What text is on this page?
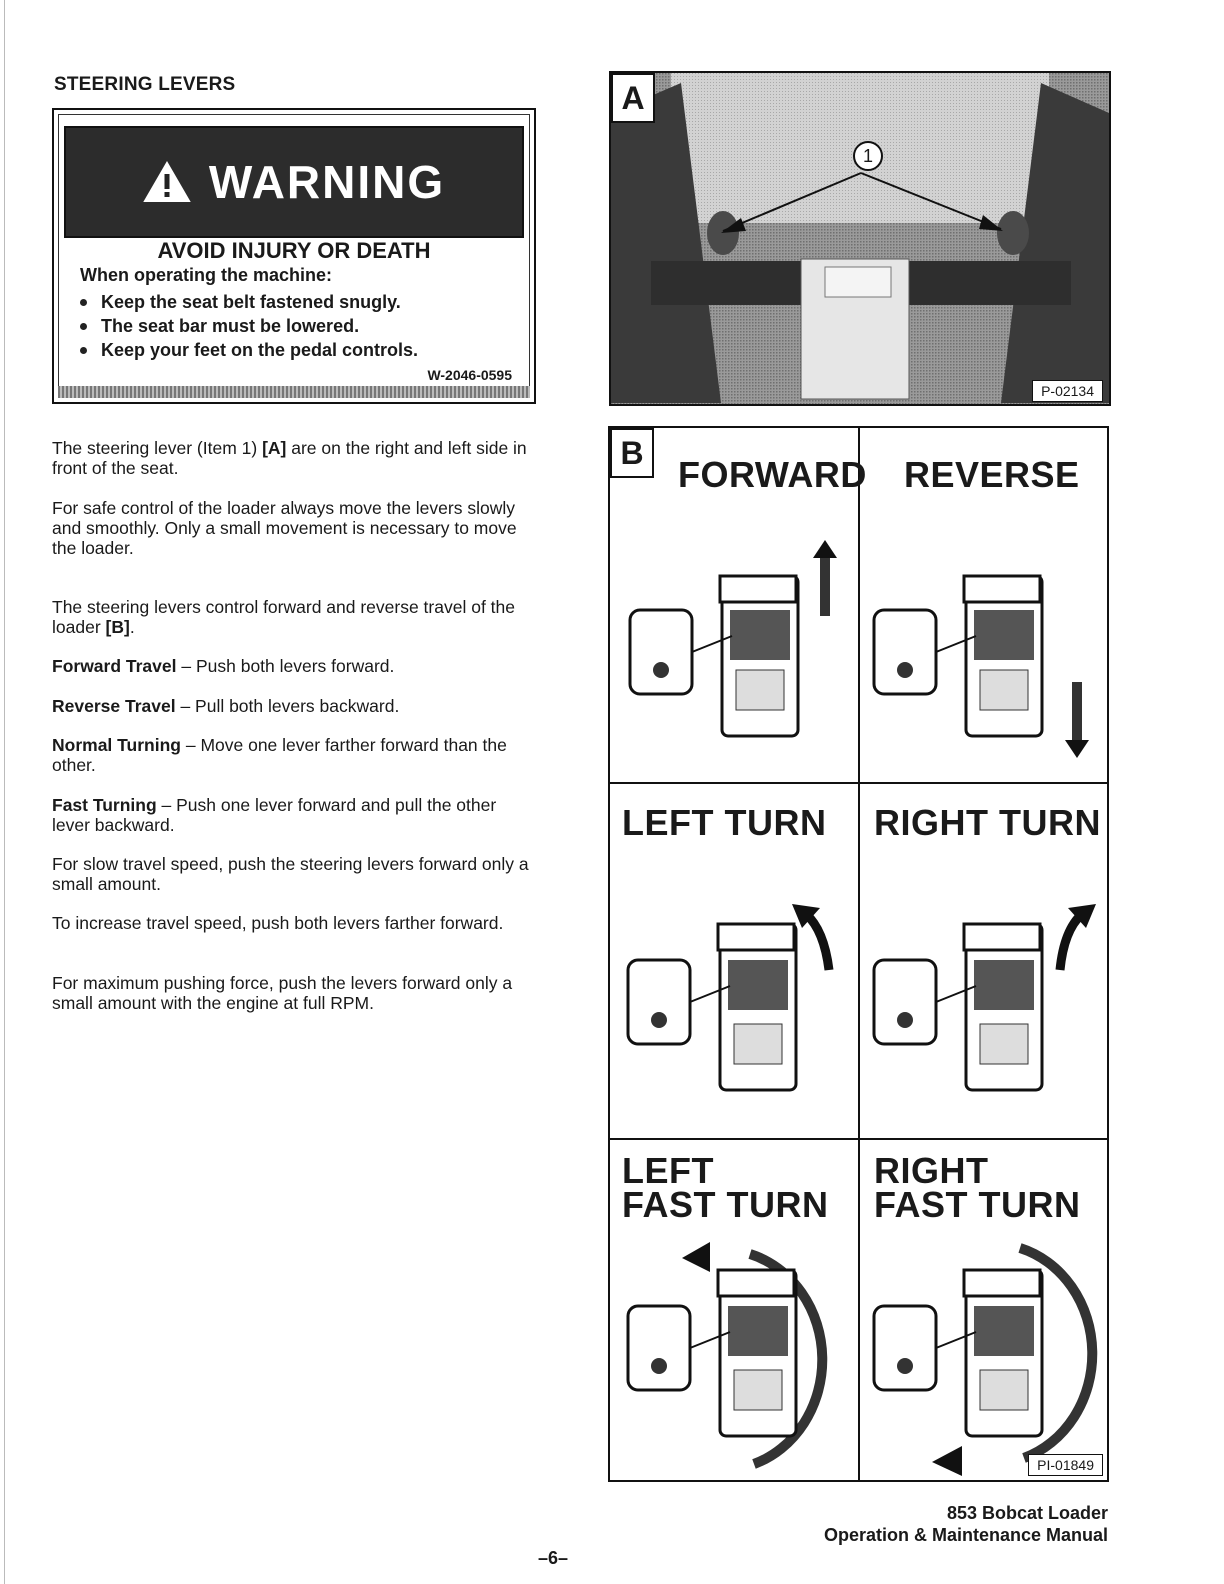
STEERING LEVERS
WARNING
AVOID INJURY OR DEATH
When operating the machine:
Keep the seat belt fastened snugly.
The seat bar must be lowered.
Keep your feet on the pedal controls.
W-2046-0595
The steering lever (Item 1) [A] are on the right and left side in front of the seat.
For safe control of the loader always move the levers slowly and smoothly. Only a small movement is necessary to move the loader.
The steering levers control forward and reverse travel of the loader [B].
Forward Travel – Push both levers forward.
Reverse Travel – Pull both levers backward.
Normal Turning – Move one lever farther forward than the other.
Fast Turning – Push one lever forward and pull the other lever backward.
For slow travel speed, push the steering levers forward only a small amount.
To increase travel speed, push both levers farther forward.
For maximum pushing force, push the levers forward only a small amount with the engine at full RPM.
A
1
P-02134
B
FORWARD REVERSE
LEFT TURN RIGHT TURN
LEFT
FAST TURN
RIGHT
FAST TURN
PI-01849
–6–
853 Bobcat Loader
Operation & Maintenance Manual
